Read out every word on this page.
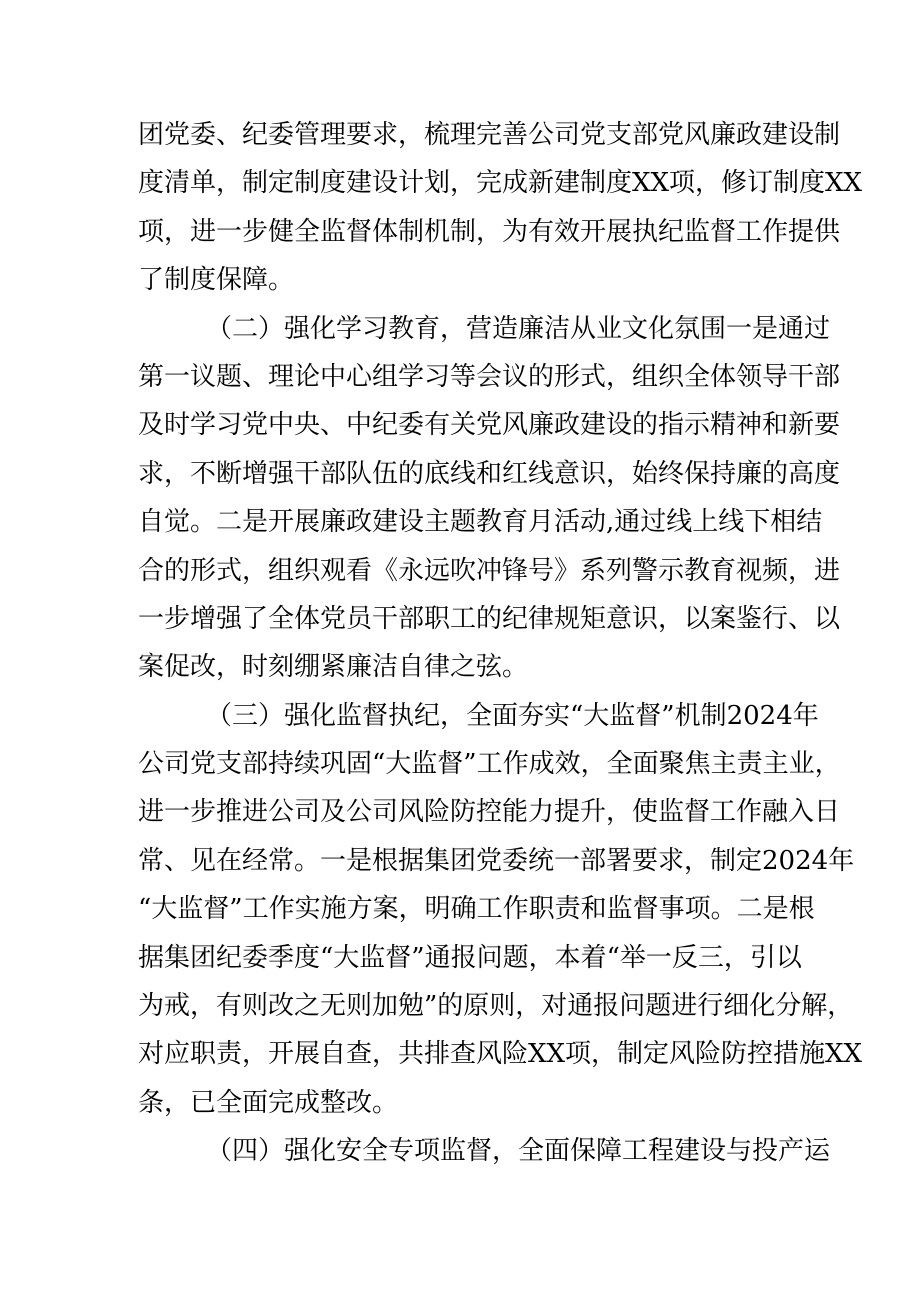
团党委、纪委管理要求，梳理完善公司党支部党风廉政建设制
度清单，制定制度建设计划，完成新建制度XX项，修订制度XX
项，进一步健全监督体制机制，为有效开展执纪监督工作提供
了制度保障。
（二）强化学习教育，营造廉洁从业文化氛围一是通过
第一议题、理论中心组学习等会议的形式，组织全体领导干部
及时学习党中央、中纪委有关党风廉政建设的指示精神和新要
求，不断增强干部队伍的底线和红线意识，始终保持廉的高度
自觉。二是开展廉政建设主题教育月活动,通过线上线下相结
合的形式，组织观看《永远吹冲锋号》系列警示教育视频，进
一步增强了全体党员干部职工的纪律规矩意识，以案鉴行、以
案促改，时刻绷紧廉洁自律之弦。
（三）强化监督执纪，全面夯实“大监督”机制2024年
公司党支部持续巩固“大监督”工作成效，全面聚焦主责主业，
进一步推进公司及公司风险防控能力提升，使监督工作融入日
常、见在经常。一是根据集团党委统一部署要求，制定2024年
“大监督”工作实施方案，明确工作职责和监督事项。二是根
据集团纪委季度“大监督”通报问题，本着“举一反三，引以
为戒，有则改之无则加勉”的原则，对通报问题进行细化分解，
对应职责，开展自查，共排查风险XX项，制定风险防控措施XX
条，已全面完成整改。
（四）强化安全专项监督，全面保障工程建设与投产运
